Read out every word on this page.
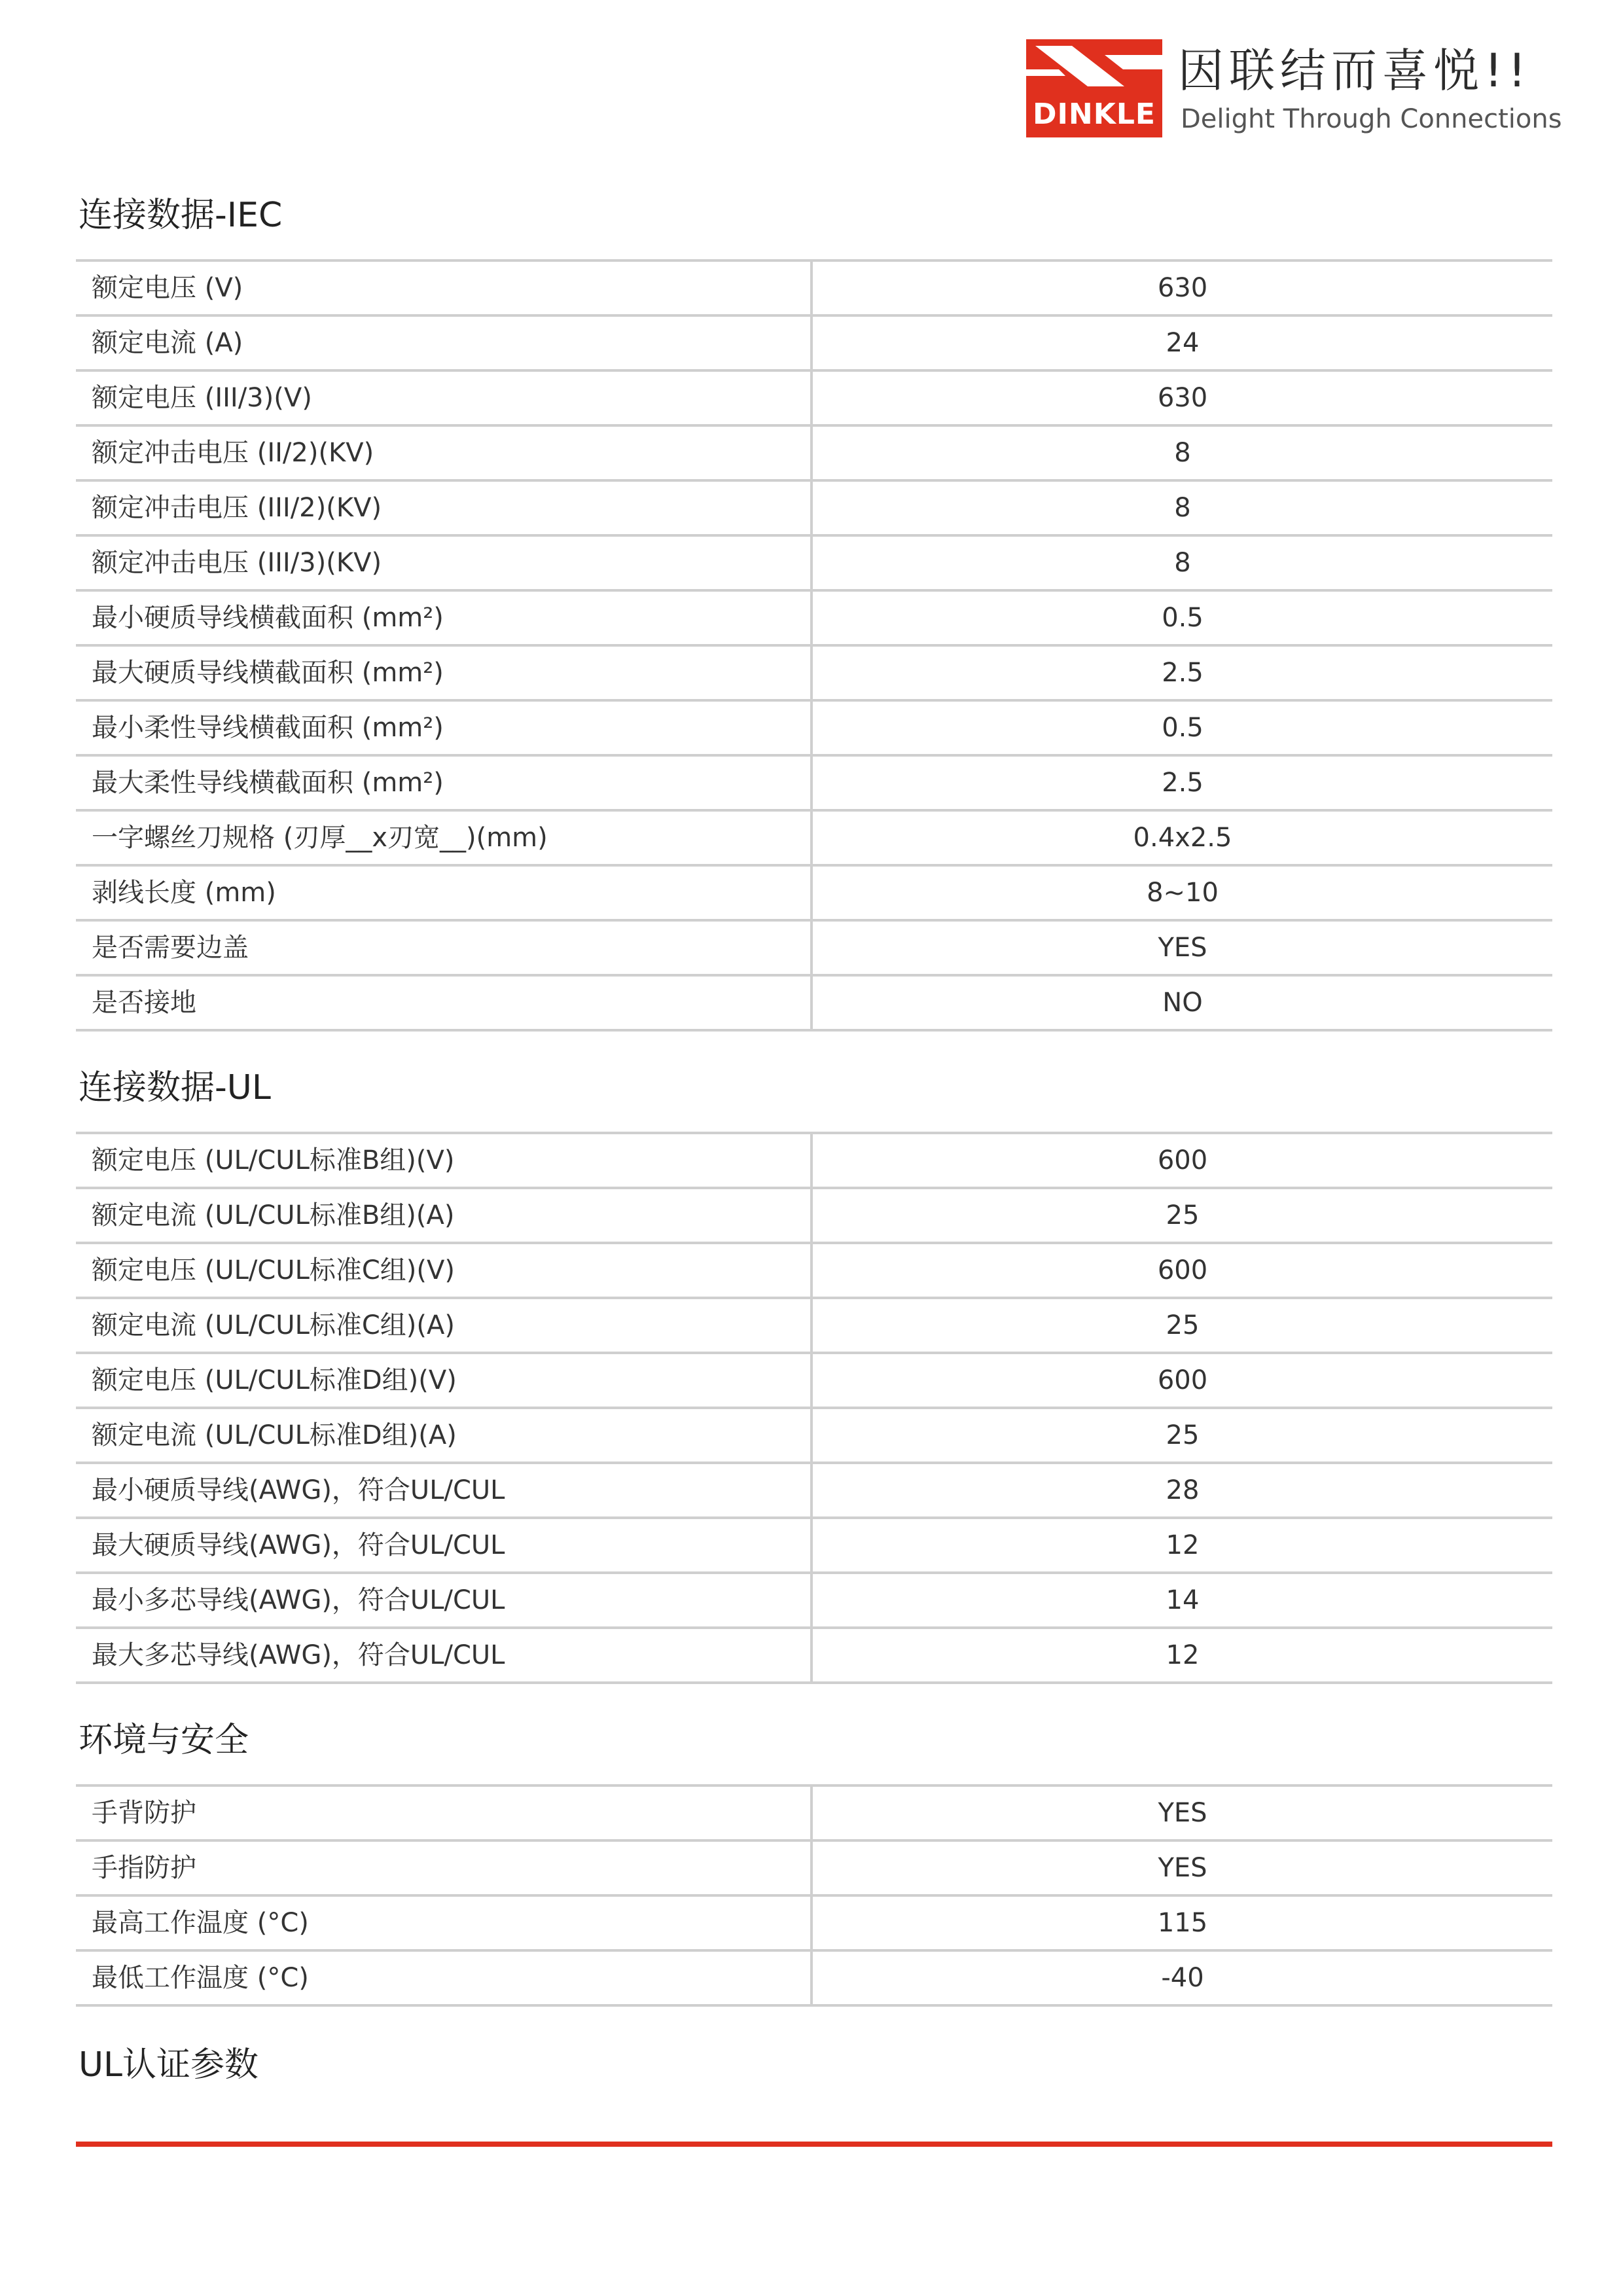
DINKLE
因联结而喜悦!!
Delight Through Connections
连接数据-IEC
额定电压 (V)	630
额定电流 (A)	24
额定电压 (III/3)(V)	630
额定冲击电压 (II/2)(KV)	8
额定冲击电压 (III/2)(KV)	8
额定冲击电压 (III/3)(KV)	8
最小硬质导线横截面积 (mm²)	0.5
最大硬质导线横截面积 (mm²)	2.5
最小柔性导线横截面积 (mm²)	0.5
最大柔性导线横截面积 (mm²)	2.5
一字螺丝刀规格 (刃厚__x刃宽__)(mm)	0.4x2.5
剥线长度 (mm)	8~10
是否需要边盖	YES
是否接地	NO
连接数据-UL
额定电压 (UL/CUL标准B组)(V)	600
额定电流 (UL/CUL标准B组)(A)	25
额定电压 (UL/CUL标准C组)(V)	600
额定电流 (UL/CUL标准C组)(A)	25
额定电压 (UL/CUL标准D组)(V)	600
额定电流 (UL/CUL标准D组)(A)	25
最小硬质导线(AWG)，符合UL/CUL	28
最大硬质导线(AWG)，符合UL/CUL	12
最小多芯导线(AWG)，符合UL/CUL	14
最大多芯导线(AWG)，符合UL/CUL	12
环境与安全
手背防护	YES
手指防护	YES
最高工作温度 (°C)	115
最低工作温度 (°C)	-40
UL认证参数
